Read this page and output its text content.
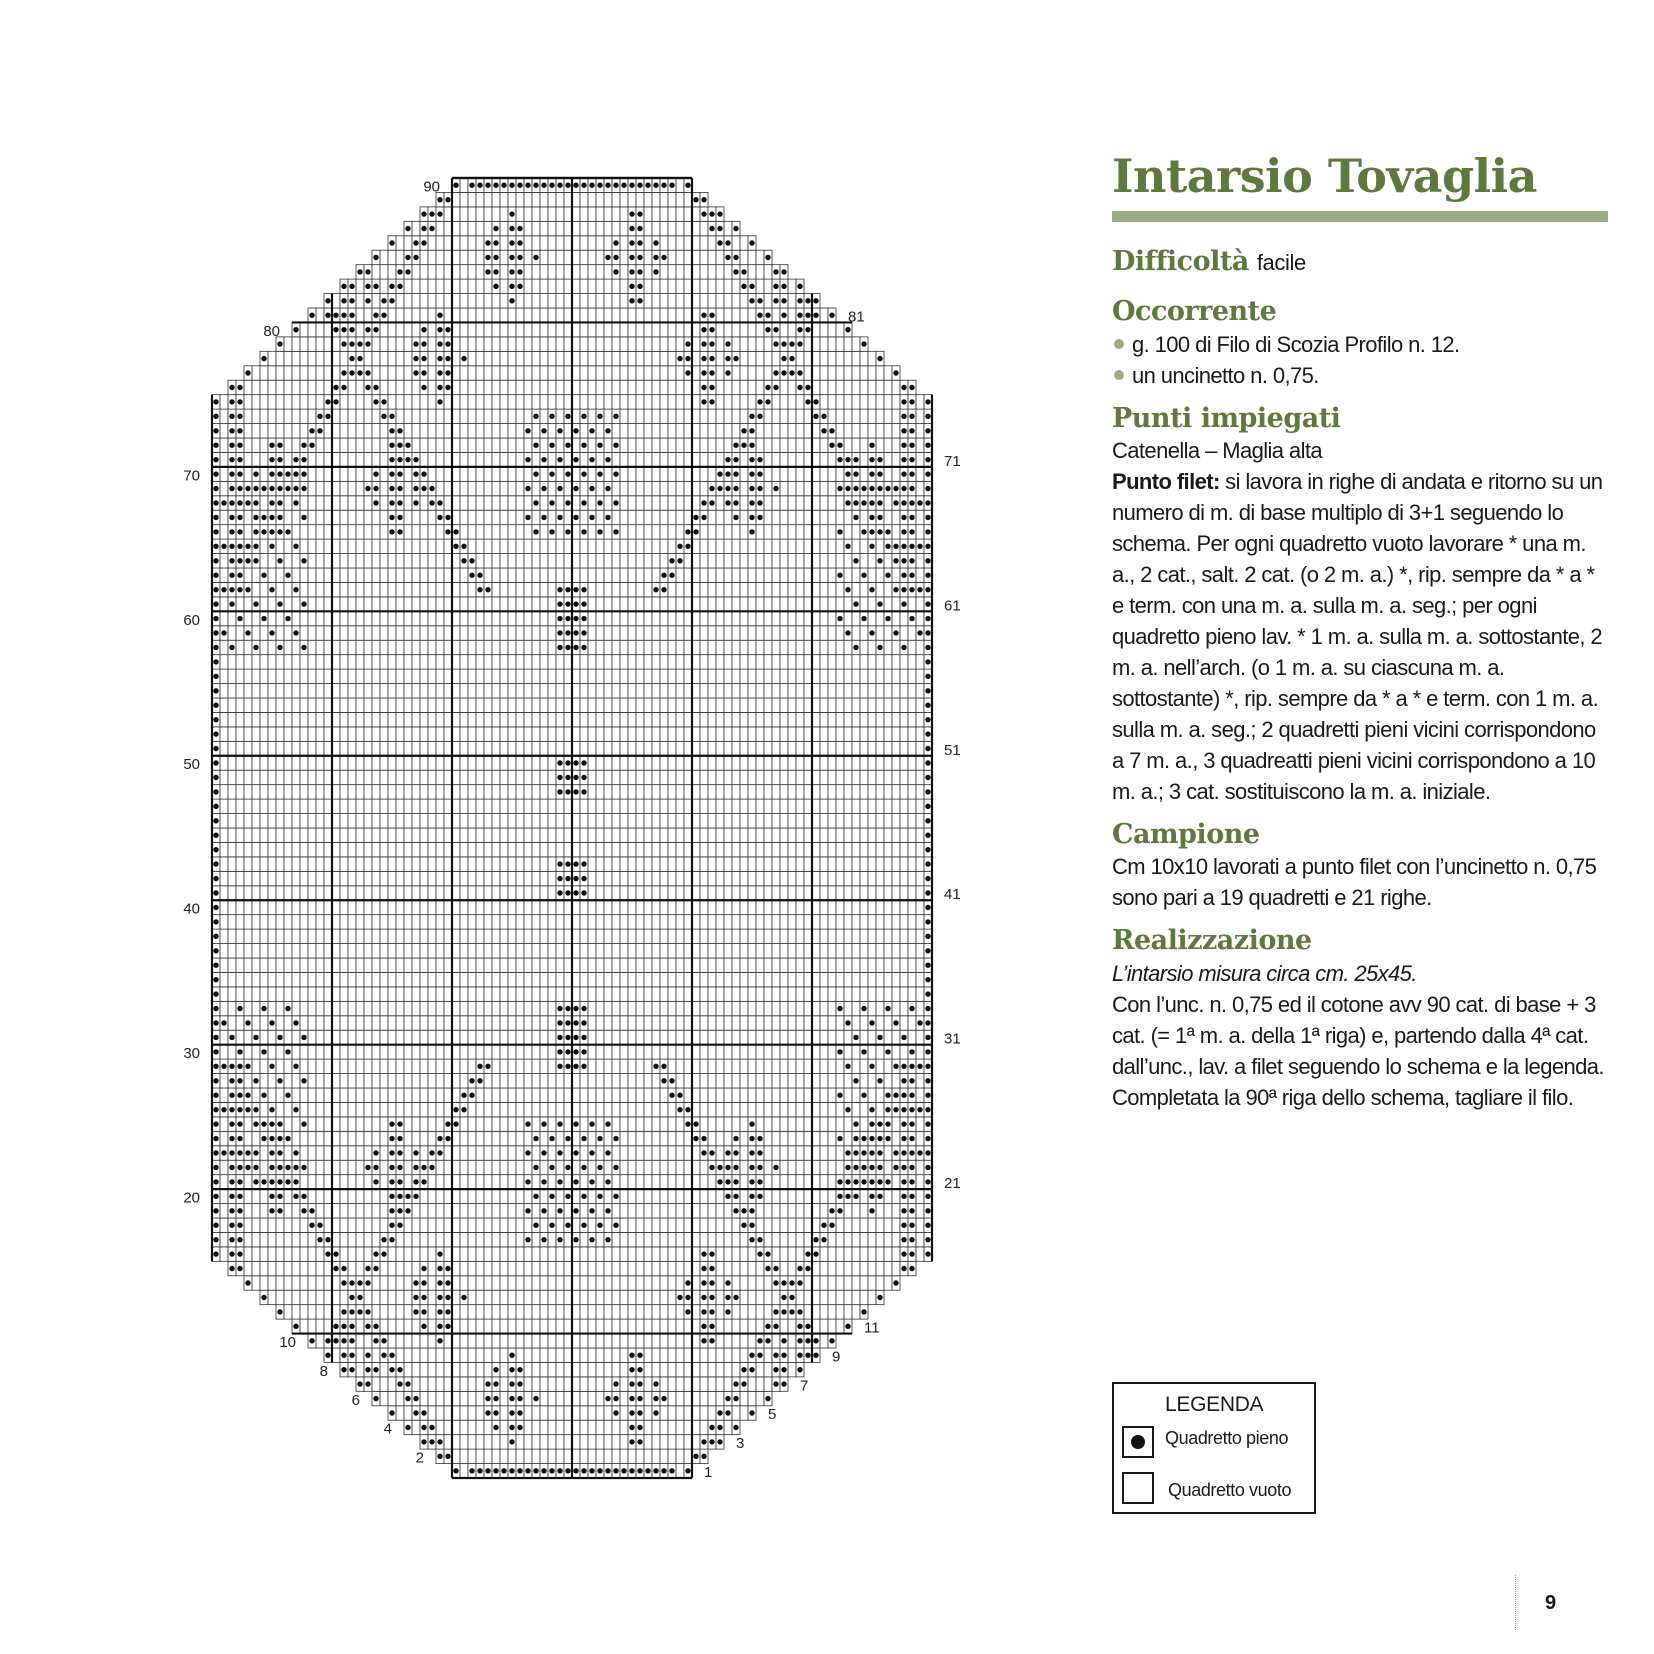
90
80
70
60
50
40
30
20
10
8
6
4
2
81
71
61
51
41
31
21
11
9
7
5
3
1
Intarsio Tovaglia
Difficoltà facile
Occorrente

g. 100 di Filo di Scozia Profilo n. 12.

un uncinetto n. 0,75.

Punti impiegati

Catenella – Maglia alta

Punto filet: si lavora in righe di andata e ritorno su un numero di m. di base multiplo di 3+1 seguendo lo schema. Per ogni quadretto vuoto lavorare * una m. a., 2 cat., salt. 2 cat. (o 2 m. a.) *, rip. sempre da * a * e term. con una m. a. sulla m. a. seg.; per ogni quadretto pieno lav. * 1 m. a. sulla m. a. sottostante, 2 m. a. nell’arch. (o 1 m. a. su ciascuna m. a. sottostante) *, rip. sempre da * a * e term. con 1 m. a. sulla m. a. seg.; 2 quadretti pieni vicini corrispondono a 7 m. a., 3 quadreatti pieni vicini corrispondono a 10 m. a.; 3 cat. sostituiscono la m. a. iniziale.

Campione

Cm 10x10 lavorati a punto filet con l’uncinetto n. 0,75 sono pari a 19 quadretti e 21 righe.

Realizzazione

L’intarsio misura circa cm. 25x45.

Con l’unc. n. 0,75 ed il cotone avv 90 cat. di base + 3 cat. (= 1ª m. a. della 1ª riga) e, partendo dalla 4ª cat. dall’unc., lav. a filet seguendo lo schema e la legenda. Completata la 90ª riga dello schema, tagliare il filo.

LEGENDA
Quadretto pieno
Quadretto vuoto
9
